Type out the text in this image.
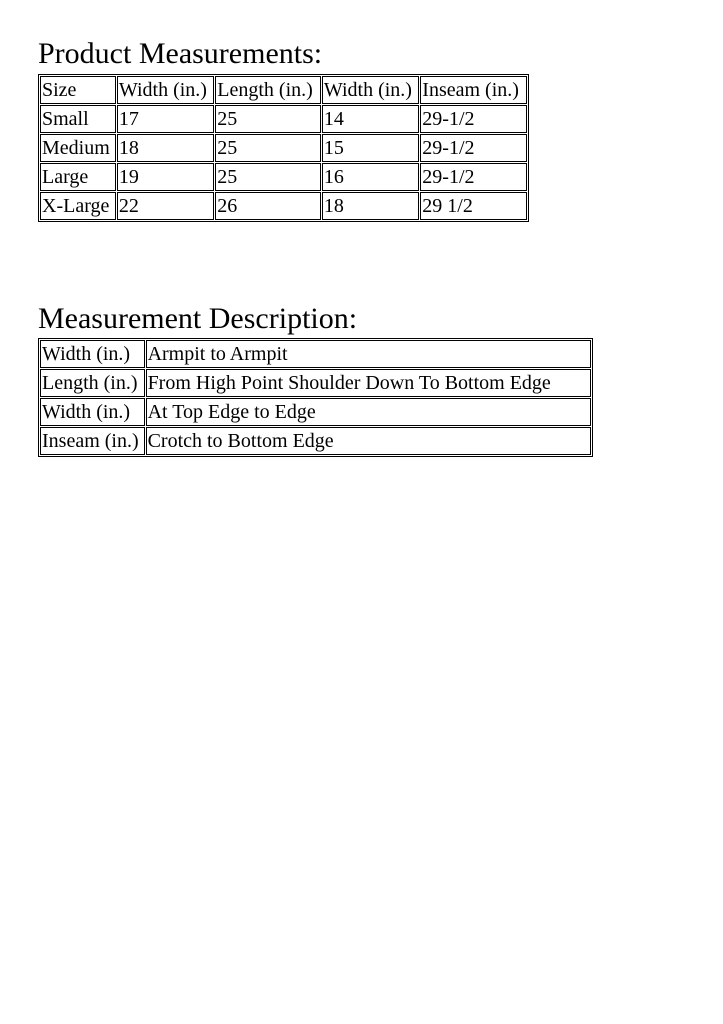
Product Measurements:
Size	Width (in.)	Length (in.)	Width (in.)	Inseam (in.)
Small	17	25	14	29-1/2
Medium	18	25	15	29-1/2
Large	19	25	16	29-1/2
X-Large	22	26	18	29 1/2
Measurement Description:
Width (in.)	Armpit to Armpit
Length (in.)	From High Point Shoulder Down To Bottom Edge
Width (in.)	At Top Edge to Edge
Inseam (in.)	Crotch to Bottom Edge
